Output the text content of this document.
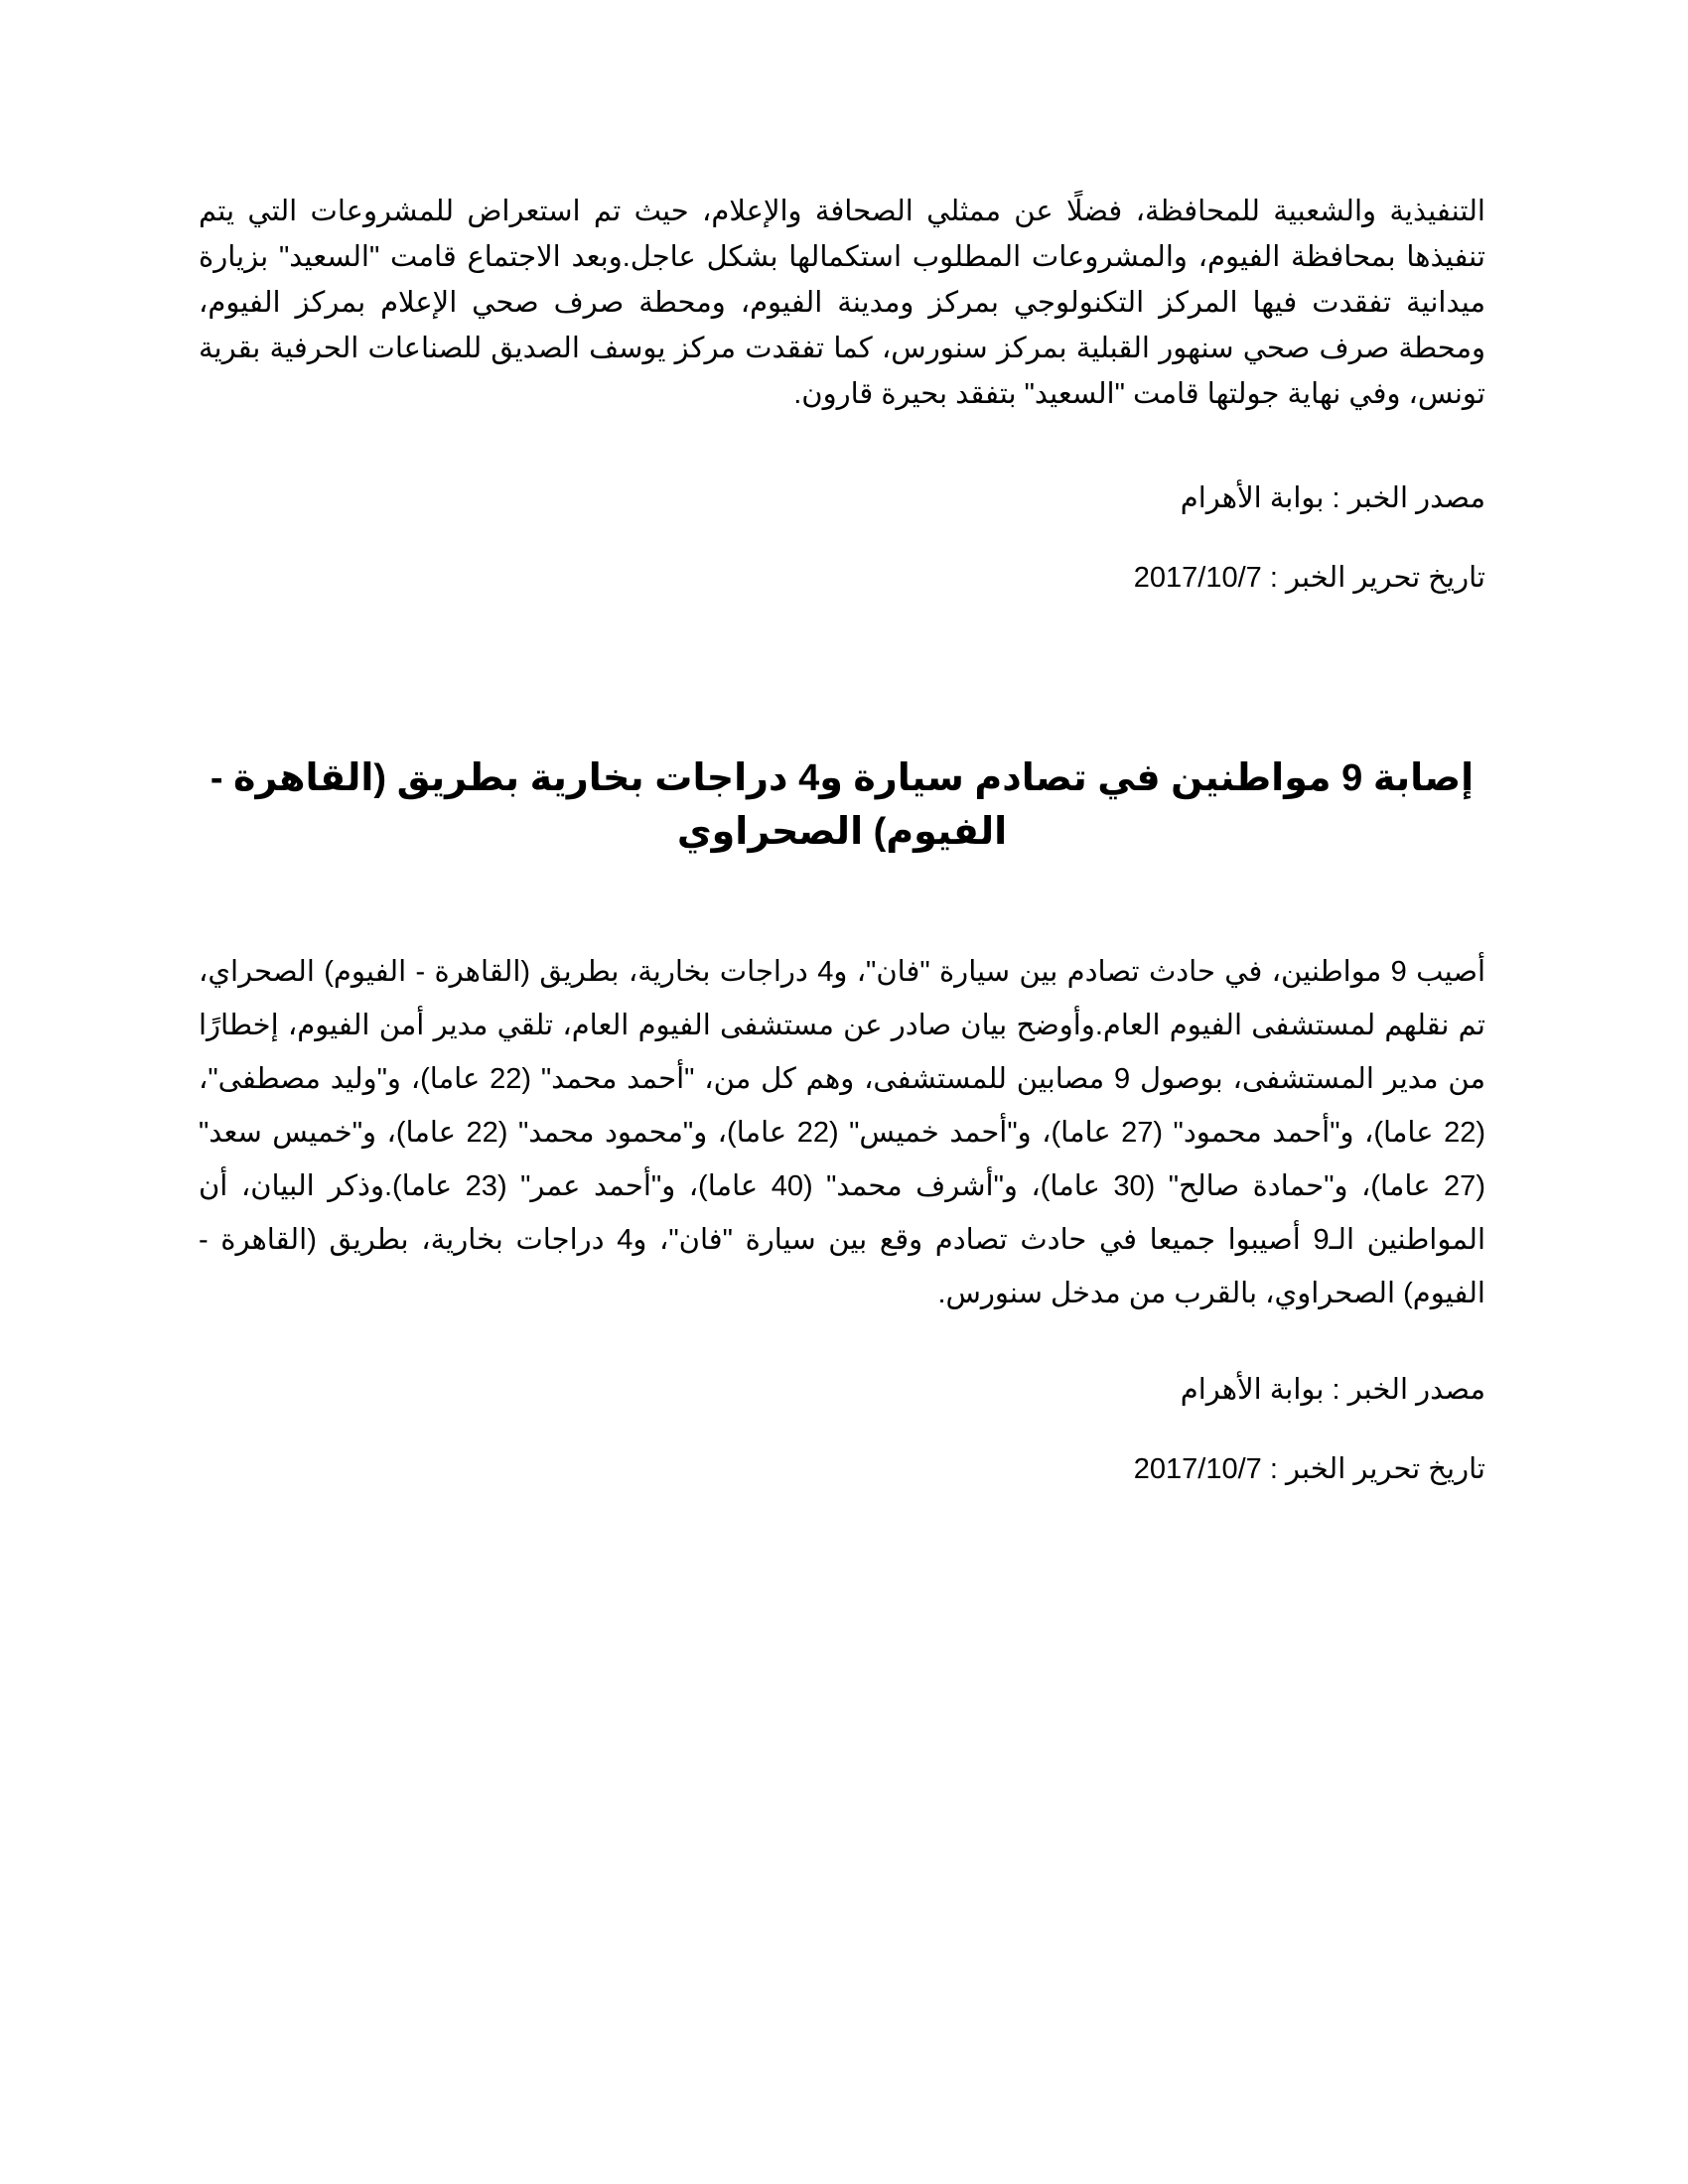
التنفيذية والشعبية للمحافظة، فضلًا عن ممثلي الصحافة والإعلام، حيث تم استعراض للمشروعات التي يتم تنفيذها بمحافظة الفيوم، والمشروعات المطلوب استكمالها بشكل عاجل.وبعد الاجتماع قامت "السعيد" بزيارة ميدانية تفقدت فيها المركز التكنولوجي بمركز ومدينة الفيوم، ومحطة صرف صحي الإعلام بمركز الفيوم، ومحطة صرف صحي سنهور القبلية بمركز سنورس، كما تفقدت مركز يوسف الصديق للصناعات الحرفية بقرية تونس، وفي نهاية جولتها قامت "السعيد" بتفقد بحيرة قارون.
مصدر الخبر : بوابة الأهرام
تاريخ تحرير الخبر : 2017/10/7
إصابة 9 مواطنين في تصادم سيارة و4 دراجات بخارية بطريق (القاهرة - الفيوم) الصحراوي
أصيب 9 مواطنين، في حادث تصادم بين سيارة "فان"، و4 دراجات بخارية، بطريق (القاهرة - الفيوم) الصحراي، تم نقلهم لمستشفى الفيوم العام.وأوضح بيان صادر عن مستشفى الفيوم العام، تلقي مدير أمن الفيوم، إخطارًا من مدير المستشفى، بوصول 9 مصابين للمستشفى، وهم كل من، "أحمد محمد" (22 عاما)، و"وليد مصطفى"، (22 عاما)، و"أحمد محمود" (27 عاما)، و"أحمد خميس" (22 عاما)، و"محمود محمد" (22 عاما)، و"خميس سعد" (27 عاما)، و"حمادة صالح" (30 عاما)، و"أشرف محمد" (40 عاما)، و"أحمد عمر" (23 عاما).وذكر البيان، أن المواطنين الـ9 أصيبوا جميعا في حادث تصادم وقع بين سيارة "فان"، و4 دراجات بخارية، بطريق (القاهرة - الفيوم) الصحراوي، بالقرب من مدخل سنورس.
مصدر الخبر : بوابة الأهرام
تاريخ تحرير الخبر : 2017/10/7
